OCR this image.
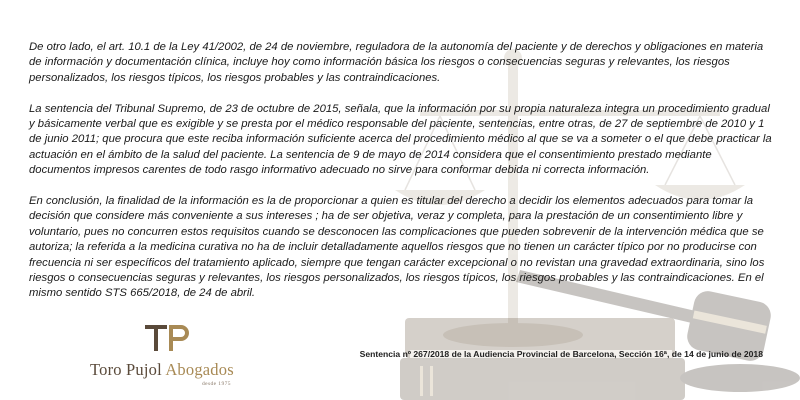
De otro lado, el art. 10.1 de la Ley 41/2002, de 24 de noviembre, reguladora de la autonomía del paciente y de derechos y obligaciones en materia de información y documentación clínica, incluye hoy como información básica los riesgos o consecuencias seguras y relevantes, los riesgos personalizados, los riesgos típicos, los riesgos probables y las contraindicaciones.

La sentencia del Tribunal Supremo, de 23 de octubre de 2015, señala, que la información por su propia naturaleza integra un procedimiento gradual y básicamente verbal que es exigible y se presta por el médico responsable del paciente, sentencias, entre otras, de 27 de septiembre de 2010 y 1 de junio 2011; que procura que este reciba información suficiente acerca del procedimiento médico al que se va a someter o el que debe practicar la actuación en el ámbito de la salud del paciente. La sentencia de 9 de mayo de 2014 considera que el consentimiento prestado mediante documentos impresos carentes de todo rasgo informativo adecuado no sirve para conformar debida ni correcta información.

En conclusión, la finalidad de la información es la de proporcionar a quien es titular del derecho a decidir los elementos adecuados para tomar la decisión que considere más conveniente a sus intereses ; ha de ser objetiva, veraz y completa, para la prestación de un consentimiento libre y voluntario, pues no concurren estos requisitos cuando se desconocen las complicaciones que pueden sobrevenir de la intervención médica que se autoriza; la referida a la medicina curativa no ha de incluir detalladamente aquellos riesgos que no tienen un carácter típico por no producirse con frecuencia ni ser específicos del tratamiento aplicado, siempre que tengan carácter excepcional o no revistan una gravedad extraordinaria, sino los riesgos o consecuencias seguras y relevantes, los riesgos personalizados, los riesgos típicos, los riesgos probables y las contraindicaciones. En el mismo sentido STS 665/2018, de 24 de abril.

Sentencia nº 267/2018 de la Audiencia Provincial de Barcelona, Sección 16ª, de 14 de junio de 2018
Toro Pujol Abogados
desde 1975
